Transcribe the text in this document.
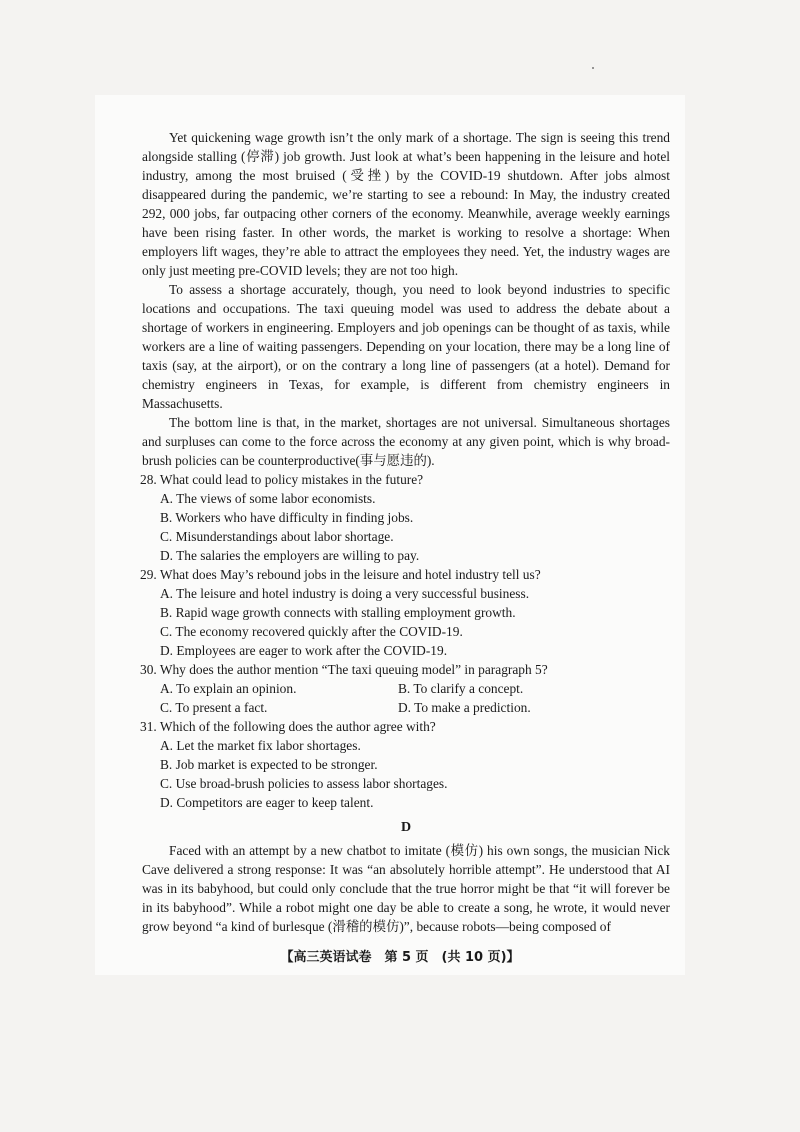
Yet quickening wage growth isn’t the only mark of a shortage. The sign is seeing this trend alongside stalling (停滞) job growth. Just look at what’s been happening in the leisure and hotel industry, among the most bruised (受挫) by the COVID-19 shutdown. After jobs almost disappeared during the pandemic, we’re starting to see a rebound: In May, the industry created 292, 000 jobs, far outpacing other corners of the economy. Meanwhile, average weekly earnings have been rising faster. In other words, the market is working to resolve a shortage: When employers lift wages, they’re able to attract the employees they need. Yet, the industry wages are only just meeting pre-COVID levels; they are not too high.

To assess a shortage accurately, though, you need to look beyond industries to specific locations and occupations. The taxi queuing model was used to address the debate about a shortage of workers in engineering. Employers and job openings can be thought of as taxis, while workers are a line of waiting passengers. Depending on your location, there may be a long line of taxis (say, at the airport), or on the contrary a long line of passengers (at a hotel). Demand for chemistry engineers in Texas, for example, is different from chemistry engineers in Massachusetts.

The bottom line is that, in the market, shortages are not universal. Simultaneous shortages and surpluses can come to the force across the economy at any given point, which is why broad-brush policies can be counterproductive(事与愿违的).

28. What could lead to policy mistakes in the future?

A. The views of some labor economists.

B. Workers who have difficulty in finding jobs.

C. Misunderstandings about labor shortage.

D. The salaries the employers are willing to pay.

29. What does May’s rebound jobs in the leisure and hotel industry tell us?

A. The leisure and hotel industry is doing a very successful business.

B. Rapid wage growth connects with stalling employment growth.

C. The economy recovered quickly after the COVID-19.

D. Employees are eager to work after the COVID-19.

30. Why does the author mention “The taxi queuing model” in paragraph 5?

A. To explain an opinion.	B. To clarify a concept.

C. To present a fact.	D. To make a prediction.

31. Which of the following does the author agree with?

A. Let the market fix labor shortages.

B. Job market is expected to be stronger.

C. Use broad-brush policies to assess labor shortages.

D. Competitors are eager to keep talent.

D

Faced with an attempt by a new chatbot to imitate (模仿) his own songs, the musician Nick Cave delivered a strong response: It was “an absolutely horrible attempt”. He understood that AI was in its babyhood, but could only conclude that the true horror might be that “it will forever be in its babyhood”. While a robot might one day be able to create a song, he wrote, it would never grow beyond “a kind of burlesque (滑稽的模仿)”, because robots—being composed of

【高三英语试卷　第 5 页　(共 10 页)】
